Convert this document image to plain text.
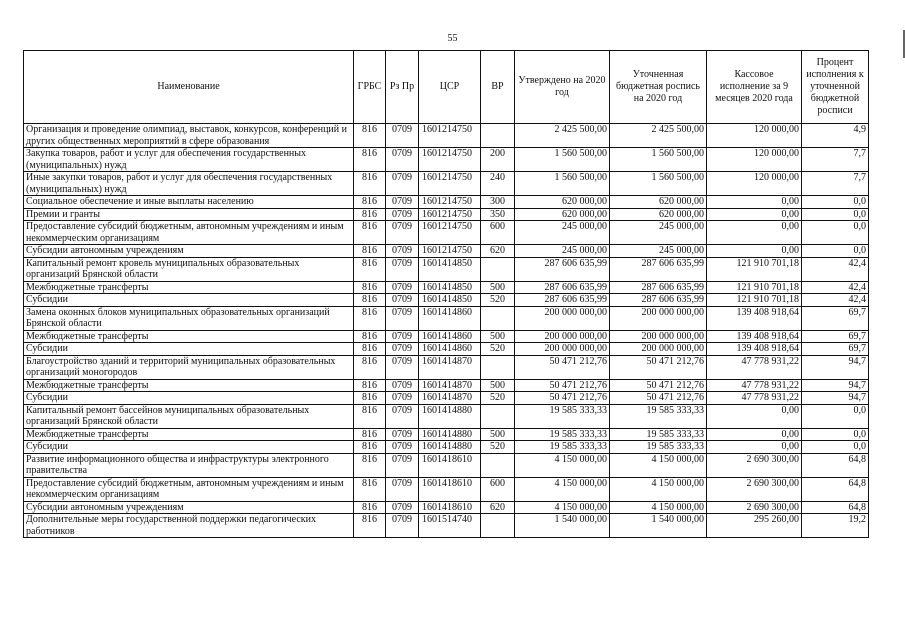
55
Наименование	ГРБС	Рз Пр	ЦСР	ВР	Утверждено на 2020 год	Уточненная бюджетная роспись на 2020 год	Кассовое исполнение за 9 месяцев 2020 года	Процент исполнения к уточненной бюджетной росписи
Организация и проведение олимпиад, выставок, конкурсов, конференций и других общественных мероприятий в сфере образования	816	0709	1601214750		2 425 500,00	2 425 500,00	120 000,00	4,9
Закупка товаров, работ и услуг для обеспечения государственных (муниципальных) нужд	816	0709	1601214750	200	1 560 500,00	1 560 500,00	120 000,00	7,7
Иные закупки товаров, работ и услуг для обеспечения государственных (муниципальных) нужд	816	0709	1601214750	240	1 560 500,00	1 560 500,00	120 000,00	7,7
Социальное обеспечение и иные выплаты населению	816	0709	1601214750	300	620 000,00	620 000,00	0,00	0,0
Премии и гранты	816	0709	1601214750	350	620 000,00	620 000,00	0,00	0,0
Предоставление субсидий бюджетным, автономным учреждениям и иным некоммерческим организациям	816	0709	1601214750	600	245 000,00	245 000,00	0,00	0,0
Субсидии автономным учреждениям	816	0709	1601214750	620	245 000,00	245 000,00	0,00	0,0
Капитальный ремонт кровель муниципальных образовательных организаций Брянской области	816	0709	1601414850		287 606 635,99	287 606 635,99	121 910 701,18	42,4
Межбюджетные трансферты	816	0709	1601414850	500	287 606 635,99	287 606 635,99	121 910 701,18	42,4
Субсидии	816	0709	1601414850	520	287 606 635,99	287 606 635,99	121 910 701,18	42,4
Замена оконных блоков муниципальных образовательных организаций Брянской области	816	0709	1601414860		200 000 000,00	200 000 000,00	139 408 918,64	69,7
Межбюджетные трансферты	816	0709	1601414860	500	200 000 000,00	200 000 000,00	139 408 918,64	69,7
Субсидии	816	0709	1601414860	520	200 000 000,00	200 000 000,00	139 408 918,64	69,7
Благоустройство зданий и территорий муниципальных образовательных организаций моногородов	816	0709	1601414870		50 471 212,76	50 471 212,76	47 778 931,22	94,7
Межбюджетные трансферты	816	0709	1601414870	500	50 471 212,76	50 471 212,76	47 778 931,22	94,7
Субсидии	816	0709	1601414870	520	50 471 212,76	50 471 212,76	47 778 931,22	94,7
Капитальный ремонт бассейнов муниципальных образовательных организаций Брянской области	816	0709	1601414880		19 585 333,33	19 585 333,33	0,00	0,0
Межбюджетные трансферты	816	0709	1601414880	500	19 585 333,33	19 585 333,33	0,00	0,0
Субсидии	816	0709	1601414880	520	19 585 333,33	19 585 333,33	0,00	0,0
Развитие информационного общества и инфраструктуры электронного правительства	816	0709	1601418610		4 150 000,00	4 150 000,00	2 690 300,00	64,8
Предоставление субсидий бюджетным, автономным учреждениям и иным некоммерческим организациям	816	0709	1601418610	600	4 150 000,00	4 150 000,00	2 690 300,00	64,8
Субсидии автономным учреждениям	816	0709	1601418610	620	4 150 000,00	4 150 000,00	2 690 300,00	64,8
Дополнительные меры государственной поддержки педагогических работников	816	0709	1601514740		1 540 000,00	1 540 000,00	295 260,00	19,2
